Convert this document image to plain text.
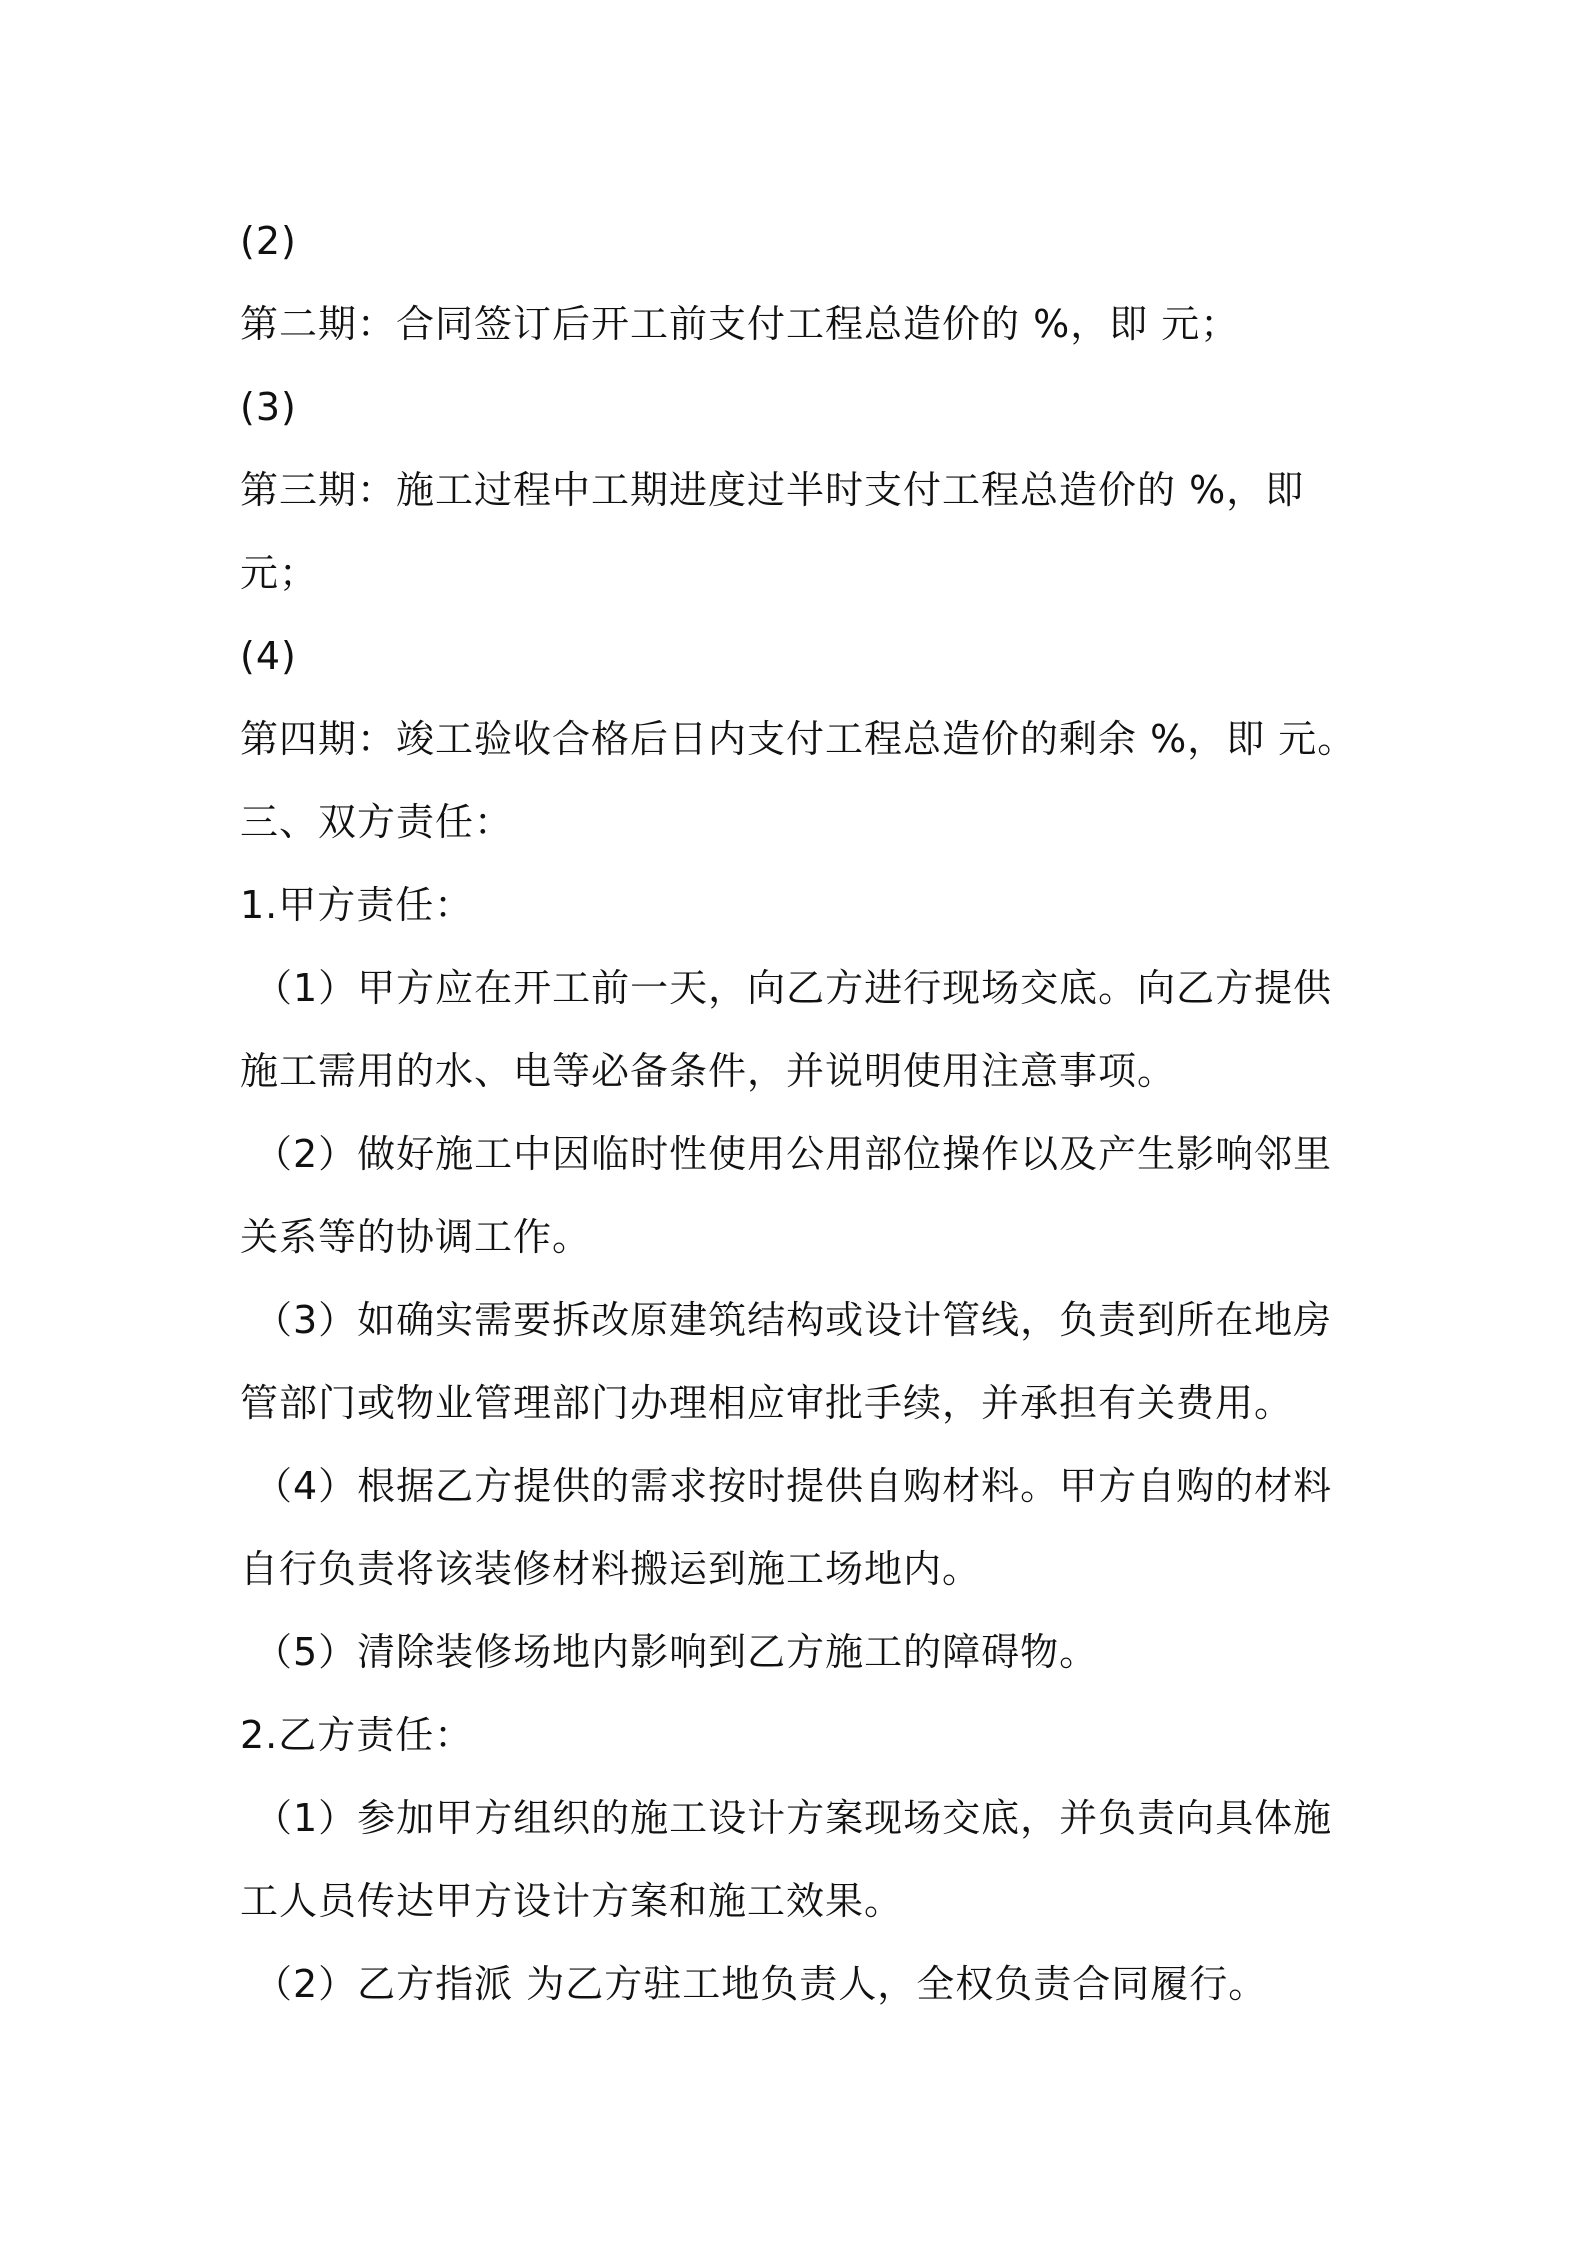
(2)
第二期：合同签订后开工前支付工程总造价的 %，即 元；
(3)
第三期：施工过程中工期进度过半时支付工程总造价的 %，即
元；
(4)
第四期：竣工验收合格后日内支付工程总造价的剩余 %，即 元。
三、双方责任：
1.甲方责任：
（1）甲方应在开工前一天，向乙方进行现场交底。向乙方提供
施工需用的水、电等必备条件，并说明使用注意事项。
（2）做好施工中因临时性使用公用部位操作以及产生影响邻里
关系等的协调工作。
（3）如确实需要拆改原建筑结构或设计管线，负责到所在地房
管部门或物业管理部门办理相应审批手续，并承担有关费用。
（4）根据乙方提供的需求按时提供自购材料。甲方自购的材料
自行负责将该装修材料搬运到施工场地内。
（5）清除装修场地内影响到乙方施工的障碍物。
2.乙方责任：
（1）参加甲方组织的施工设计方案现场交底，并负责向具体施
工人员传达甲方设计方案和施工效果。
（2）乙方指派 为乙方驻工地负责人，全权负责合同履行。
